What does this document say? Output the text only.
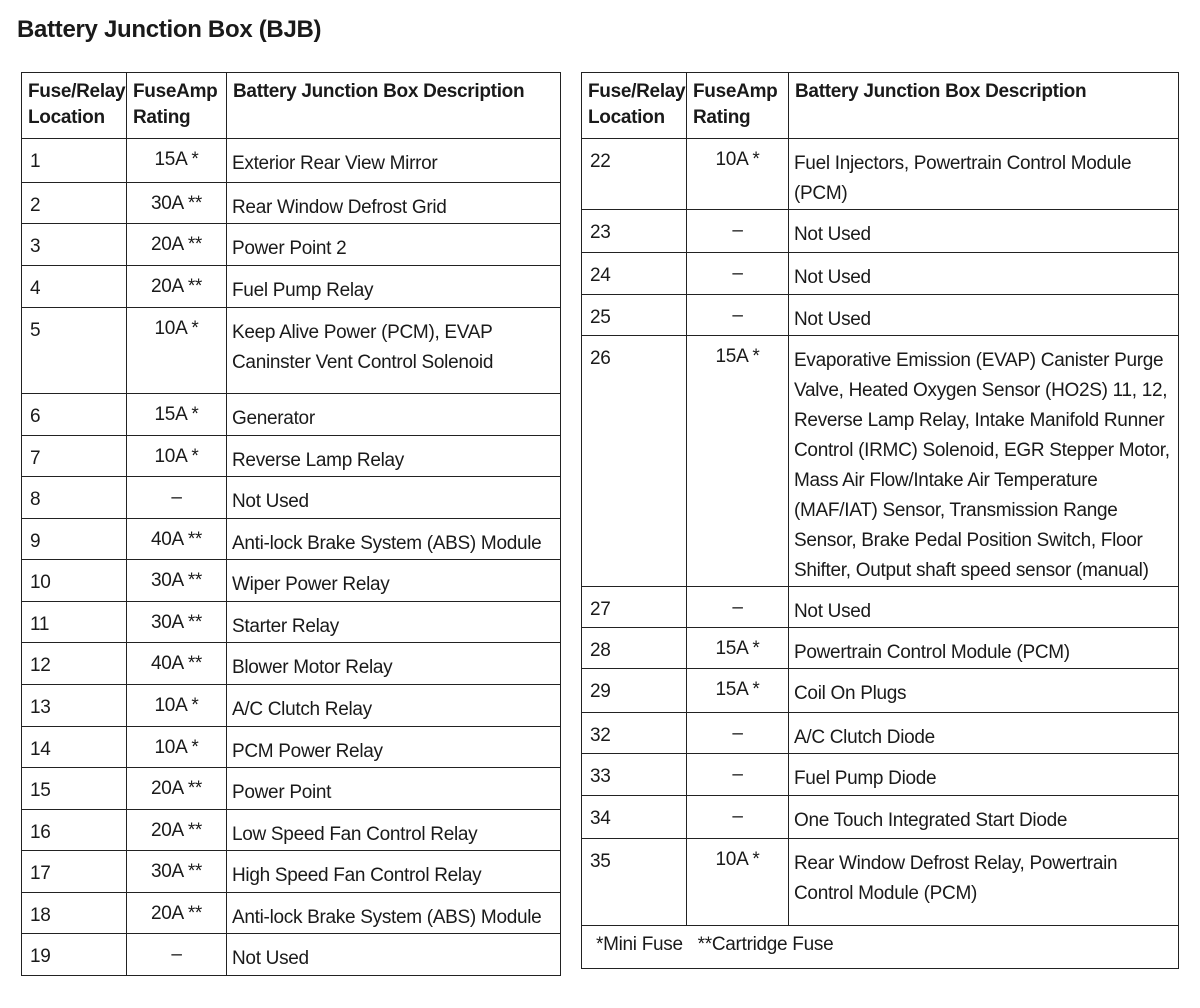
Battery Junction Box (BJB)
Fuse/Relay Location	FuseAmp Rating	Battery Junction Box Description
1	15A *	Exterior Rear View Mirror
2	30A **	Rear Window Defrost Grid
3	20A **	Power Point 2
4	20A **	Fuel Pump Relay
5	10A *	Keep Alive Power (PCM), EVAP Caninster Vent Control Solenoid
6	15A *	Generator
7	10A *	Reverse Lamp Relay
8	–	Not Used
9	40A **	Anti-lock Brake System (ABS) Module
10	30A **	Wiper Power Relay
11	30A **	Starter Relay
12	40A **	Blower Motor Relay
13	10A *	A/C Clutch Relay
14	10A *	PCM Power Relay
15	20A **	Power Point
16	20A **	Low Speed Fan Control Relay
17	30A **	High Speed Fan Control Relay
18	20A **	Anti-lock Brake System (ABS) Module
19	–	Not Used
Fuse/Relay Location	FuseAmp Rating	Battery Junction Box Description
22	10A *	Fuel Injectors, Powertrain Control Module (PCM)
23	–	Not Used
24	–	Not Used
25	–	Not Used
26	15A *	Evaporative Emission (EVAP) Canister Purge Valve, Heated Oxygen Sensor (HO2S) 11, 12, Reverse Lamp Relay, Intake Manifold Runner Control (IRMC) Solenoid, EGR Stepper Motor, Mass Air Flow/Intake Air Temperature (MAF/IAT) Sensor, Transmission Range Sensor, Brake Pedal Position Switch, Floor Shifter, Output shaft speed sensor (manual)
27	–	Not Used
28	15A *	Powertrain Control Module (PCM)
29	15A *	Coil On Plugs
32	–	A/C Clutch Diode
33	–	Fuel Pump Diode
34	–	One Touch Integrated Start Diode
35	10A *	Rear Window Defrost Relay, Powertrain Control Module (PCM)
*Mini Fuse   **Cartridge Fuse		
